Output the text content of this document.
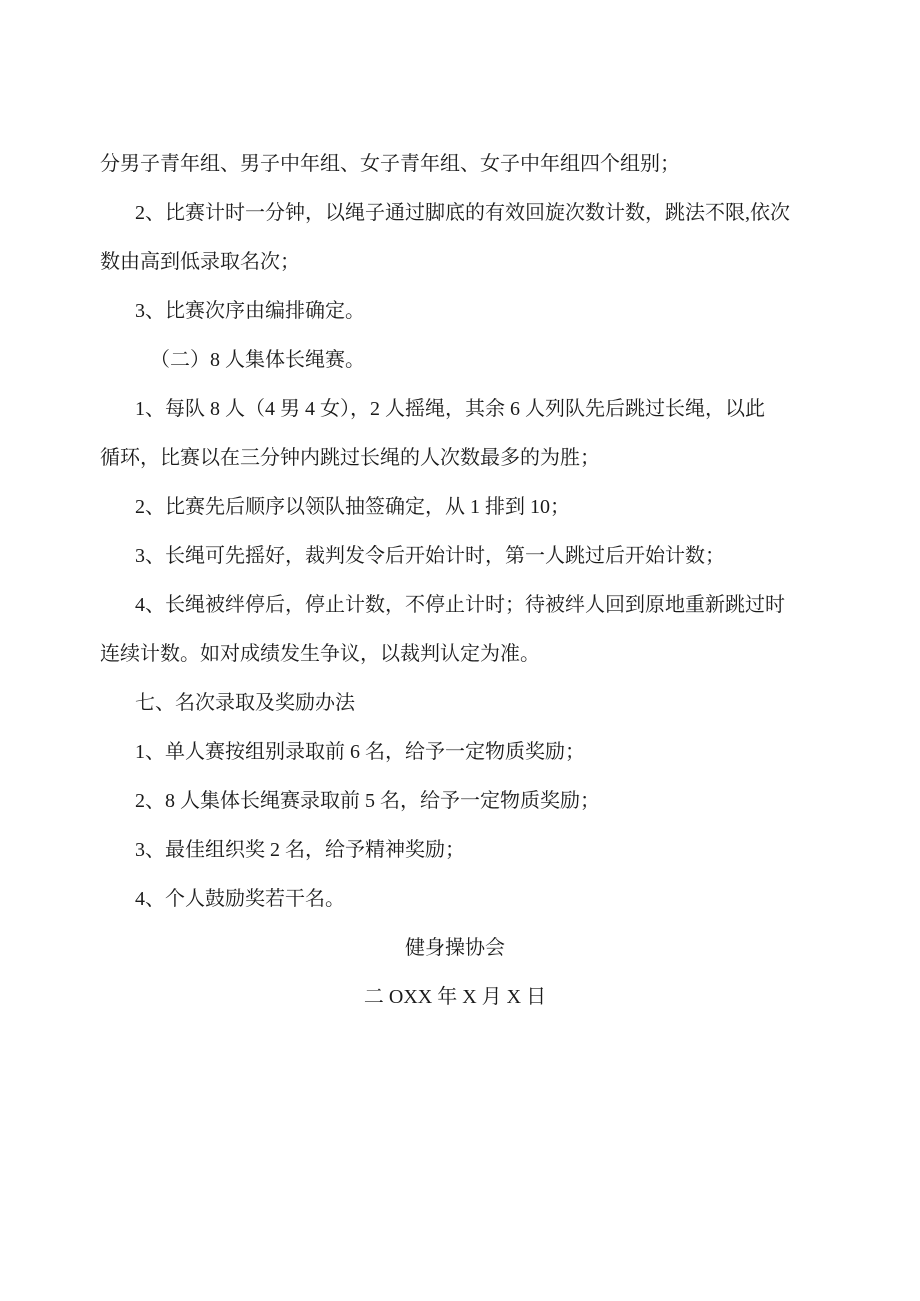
分男子青年组、男子中年组、女子青年组、女子中年组四个组别；
2、比赛计时一分钟，以绳子通过脚底的有效回旋次数计数，跳法不限,依次
数由高到低录取名次；
3、比赛次序由编排确定。
（二）8 人集体长绳赛。
1、每队 8 人（4 男 4 女），2 人摇绳，其余 6 人列队先后跳过长绳，以此
循环，比赛以在三分钟内跳过长绳的人次数最多的为胜；
2、比赛先后顺序以领队抽签确定，从 1 排到 10；
3、长绳可先摇好，裁判发令后开始计时，第一人跳过后开始计数；
4、长绳被绊停后，停止计数，不停止计时；待被绊人回到原地重新跳过时
连续计数。如对成绩发生争议，以裁判认定为准。
七、名次录取及奖励办法
1、单人赛按组别录取前 6 名，给予一定物质奖励；
2、8 人集体长绳赛录取前 5 名，给予一定物质奖励；
3、最佳组织奖 2 名，给予精神奖励；
4、个人鼓励奖若干名。
健身操协会
二 OXX 年 X 月 X 日
